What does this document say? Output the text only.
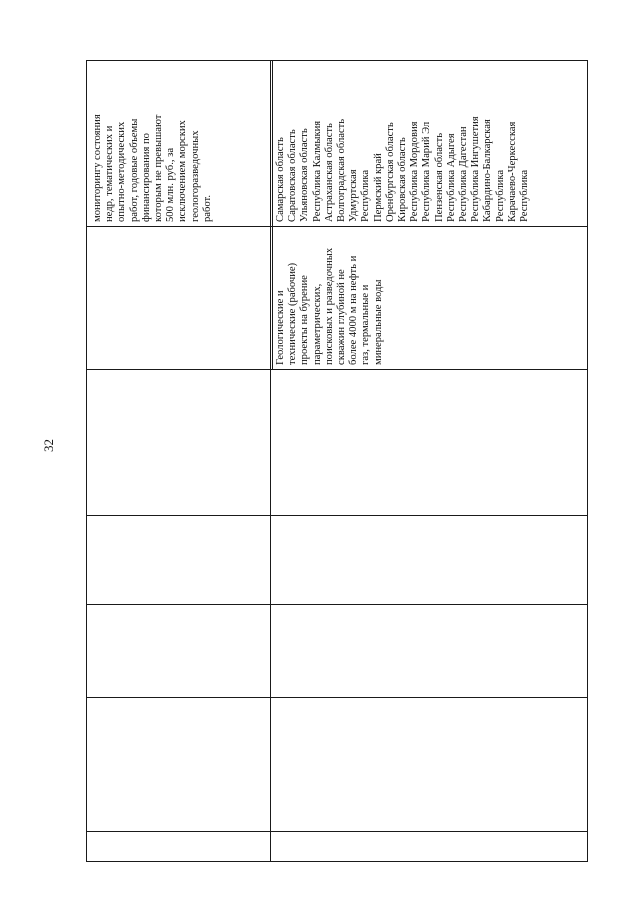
32
мониторингу состояния недр, тематических и опытно-методических работ, годовые объемы финансирования по которым не превышают 500 млн. руб., за исключением морских геологоразведочных работ.
Геологические и технические (рабочие) проекты на бурение параметрических, поисковых и разведочных скважин глубиной не более 4000 м на нефть и газ, термальные и минеральные воды
Самарская область Саратовская область Ульяновская область Республика Калмыкия Астраханская область Волгоградская область Удмуртская Республика Пермский край Оренбургская область Кировская область Республика Мордовия Республика Марий Эл Пензенская область Республика Адыгея Республика Дагестан Республика Ингушетия Кабардино-Балкарская Республика Карачаево-Черкесская Республика
